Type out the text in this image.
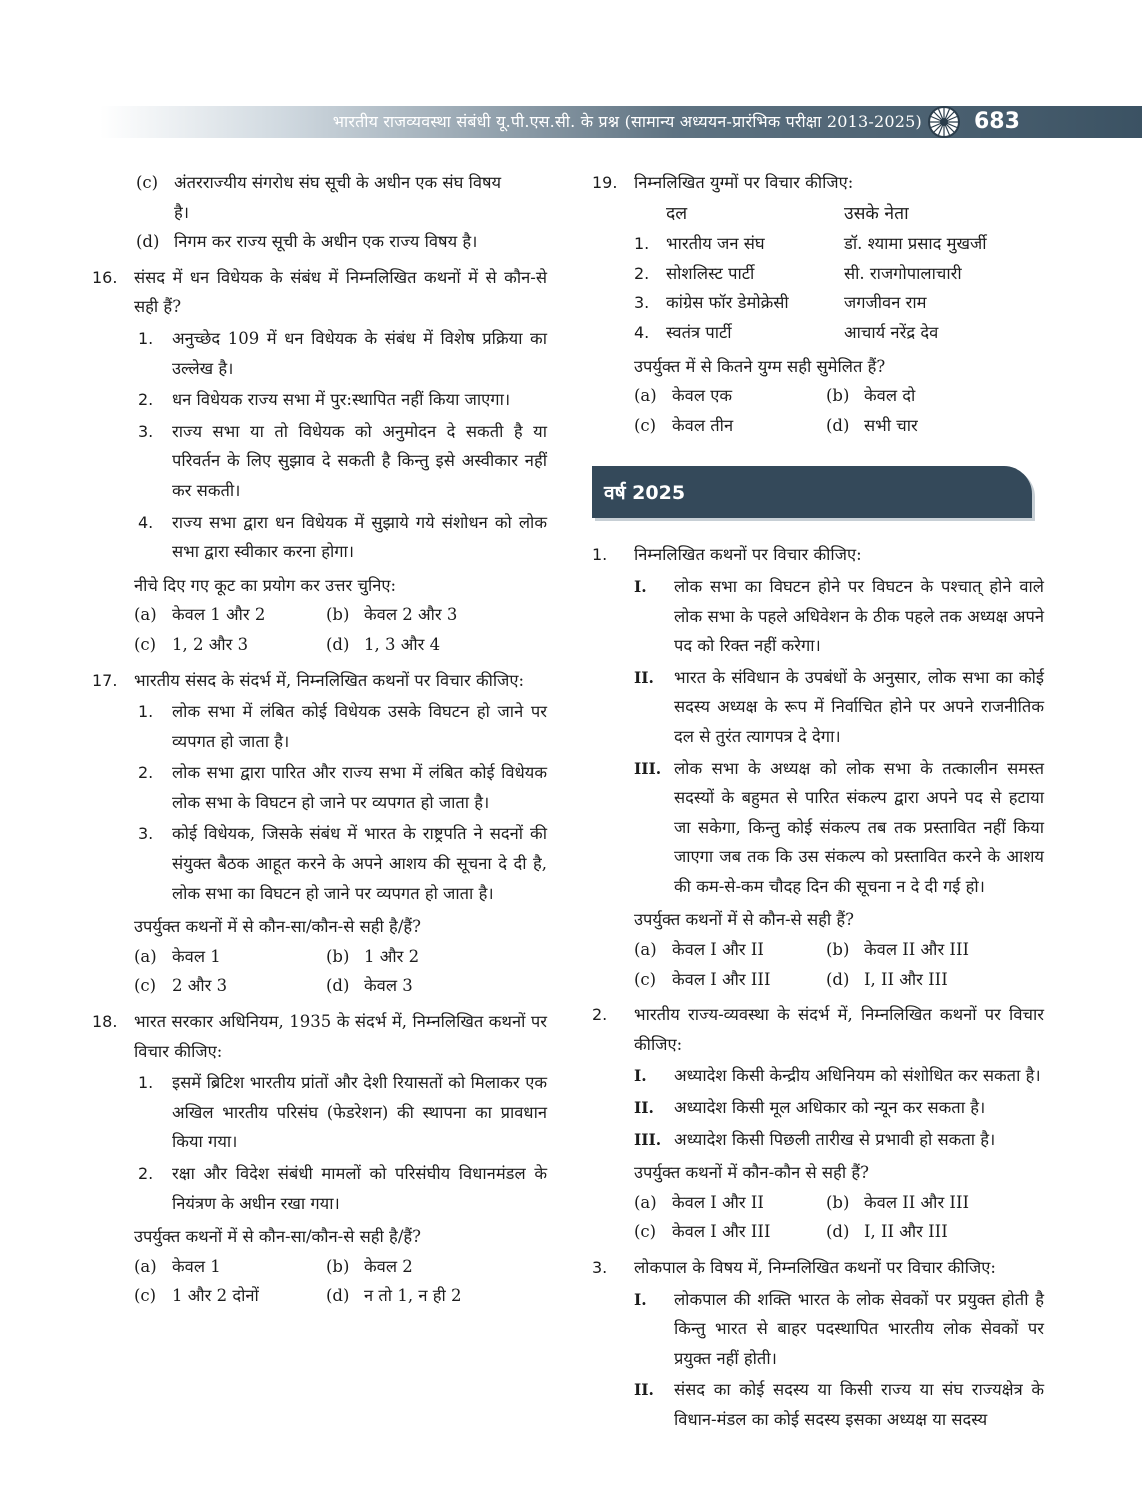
भारतीय राजव्यवस्था संबंधी यू.पी.एस.सी. के प्रश्न (सामान्य अध्ययन-प्रारंभिक परीक्षा 2013-2025) 683
(c) अंतरराज्यीय संगरोध संघ सूची के अधीन एक संघ विषय
है।
(d) निगम कर राज्य सूची के अधीन एक राज्य विषय है।
16. संसद में धन विधेयक के संबंध में निम्नलिखित कथनों में से कौन-से सही हैं?
1. अनुच्छेद 109 में धन विधेयक के संबंध में विशेष प्रक्रिया का उल्लेख है।
2. धन विधेयक राज्य सभा में पुर:स्थापित नहीं किया जाएगा।
3. राज्य सभा या तो विधेयक को अनुमोदन दे सकती है या परिवर्तन के लिए सुझाव दे सकती है किन्तु इसे अस्वीकार नहीं कर सकती।
4. राज्य सभा द्वारा धन विधेयक में सुझाये गये संशोधन को लोक सभा द्वारा स्वीकार करना होगा।
नीचे दिए गए कूट का प्रयोग कर उत्तर चुनिए:
(a) केवल 1 और 2	(b) केवल 2 और 3
(c) 1, 2 और 3	(d) 1, 3 और 4
17. भारतीय संसद के संदर्भ में, निम्नलिखित कथनों पर विचार कीजिए:
1. लोक सभा में लंबित कोई विधेयक उसके विघटन हो जाने पर व्यपगत हो जाता है।
2. लोक सभा द्वारा पारित और राज्य सभा में लंबित कोई विधेयक लोक सभा के विघटन हो जाने पर व्यपगत हो जाता है।
3. कोई विधेयक, जिसके संबंध में भारत के राष्ट्रपति ने सदनों की संयुक्त बैठक आहूत करने के अपने आशय की सूचना दे दी है, लोक सभा का विघटन हो जाने पर व्यपगत हो जाता है।
उपर्युक्त कथनों में से कौन-सा/कौन-से सही है/हैं?
(a) केवल 1	(b) 1 और 2
(c) 2 और 3	(d) केवल 3
18. भारत सरकार अधिनियम, 1935 के संदर्भ में, निम्नलिखित कथनों पर विचार कीजिए:
1. इसमें ब्रिटिश भारतीय प्रांतों और देशी रियासतों को मिलाकर एक अखिल भारतीय परिसंघ (फेडरेशन) की स्थापना का प्रावधान किया गया।
2. रक्षा और विदेश संबंधी मामलों को परिसंघीय विधानमंडल के नियंत्रण के अधीन रखा गया।
उपर्युक्त कथनों में से कौन-सा/कौन-से सही है/हैं?
(a) केवल 1	(b) केवल 2
(c) 1 और 2 दोनों	(d) न तो 1, न ही 2
19. निम्नलिखित युग्मों पर विचार कीजिए:
दल	उसके नेता
1.	भारतीय जन संघ	डॉ. श्यामा प्रसाद मुखर्जी
2.	सोशलिस्ट पार्टी	सी. राजगोपालाचारी
3.	कांग्रेस फॉर डेमोक्रेसी	जगजीवन राम
4.	स्वतंत्र पार्टी	आचार्य नरेंद्र देव
उपर्युक्त में से कितने युग्म सही सुमेलित हैं?
(a) केवल एक	(b) केवल दो
(c) केवल तीन	(d) सभी चार
वर्ष 2025
1. निम्नलिखित कथनों पर विचार कीजिए:
I. लोक सभा का विघटन होने पर विघटन के पश्चात् होने वाले लोक सभा के पहले अधिवेशन के ठीक पहले तक अध्यक्ष अपने पद को रिक्त नहीं करेगा।
II. भारत के संविधान के उपबंधों के अनुसार, लोक सभा का कोई सदस्य अध्यक्ष के रूप में निर्वाचित होने पर अपने राजनीतिक दल से तुरंत त्यागपत्र दे देगा।
III. लोक सभा के अध्यक्ष को लोक सभा के तत्कालीन समस्त सदस्यों के बहुमत से पारित संकल्प द्वारा अपने पद से हटाया जा सकेगा, किन्तु कोई संकल्प तब तक प्रस्तावित नहीं किया जाएगा जब तक कि उस संकल्प को प्रस्तावित करने के आशय की कम-से-कम चौदह दिन की सूचना न दे दी गई हो।
उपर्युक्त कथनों में से कौन-से सही हैं?
(a) केवल I और II	(b) केवल II और III
(c) केवल I और III	(d) I, II और III
2. भारतीय राज्य-व्यवस्था के संदर्भ में, निम्नलिखित कथनों पर विचार कीजिए:
I. अध्यादेश किसी केन्द्रीय अधिनियम को संशोधित कर सकता है।
II. अध्यादेश किसी मूल अधिकार को न्यून कर सकता है।
III. अध्यादेश किसी पिछली तारीख से प्रभावी हो सकता है।
उपर्युक्त कथनों में कौन-कौन से सही हैं?
(a) केवल I और II	(b) केवल II और III
(c) केवल I और III	(d) I, II और III
3. लोकपाल के विषय में, निम्नलिखित कथनों पर विचार कीजिए:
I. लोकपाल की शक्ति भारत के लोक सेवकों पर प्रयुक्त होती है किन्तु भारत से बाहर पदस्थापित भारतीय लोक सेवकों पर प्रयुक्त नहीं होती।
II. संसद का कोई सदस्य या किसी राज्य या संघ राज्यक्षेत्र के विधान-मंडल का कोई सदस्य इसका अध्यक्ष या सदस्य
